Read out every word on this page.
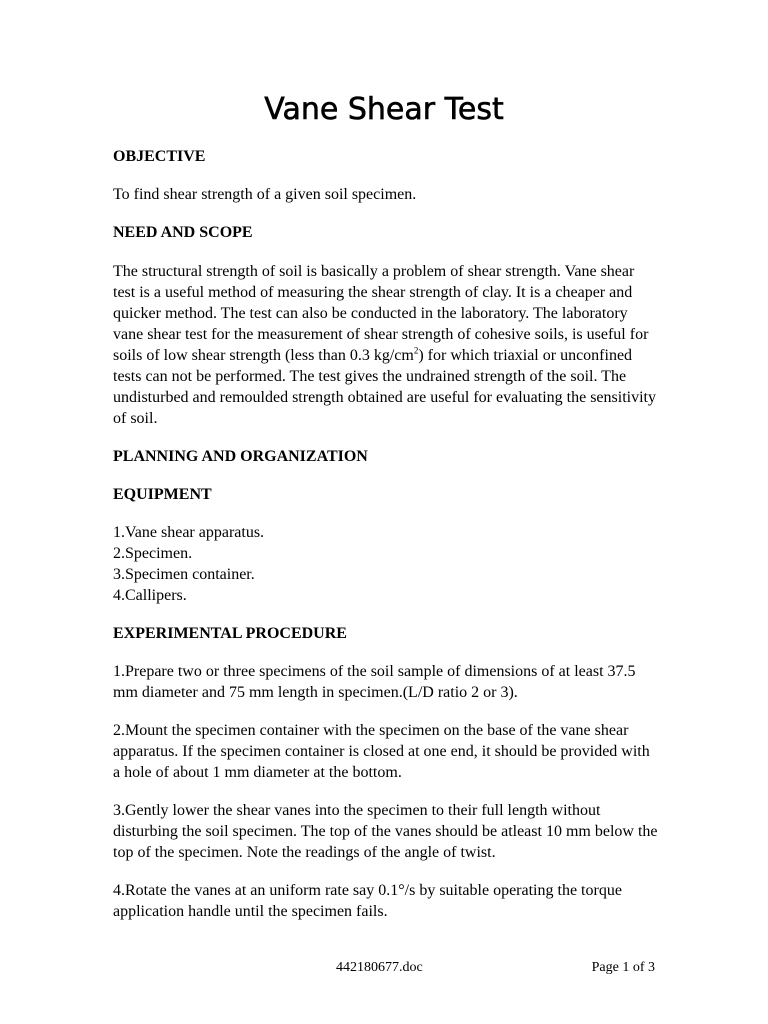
Vane Shear Test
OBJECTIVE

To find shear strength of a given soil specimen.

NEED AND SCOPE

The structural strength of soil is basically a problem of shear strength. Vane shear test is a useful method of measuring the shear strength of clay. It is a cheaper and quicker method. The test can also be conducted in the laboratory. The laboratory vane shear test for the measurement of shear strength of cohesive soils, is useful for soils of low shear strength (less than 0.3 $kg/cm^2$) for which triaxial or unconfined tests can not be performed. The test gives the undrained strength of the soil. The undisturbed and remoulded strength obtained are useful for evaluating the sensitivity of soil.

PLANNING AND ORGANIZATION
EQUIPMENT
1.Vane shear apparatus.
2.Specimen.
3.Specimen container.
4.Callipers.
EXPERIMENTAL PROCEDURE

1.Prepare two or three specimens of the soil sample of dimensions of at least 37.5 mm diameter and 75 mm length in specimen.(L/D ratio 2 or 3).

2.Mount the specimen container with the specimen on the base of the vane shear apparatus. If the specimen container is closed at one end, it should be provided with a hole of about 1 mm diameter at the bottom.

3.Gently lower the shear vanes into the specimen to their full length without disturbing the soil specimen. The top of the vanes should be atleast 10 mm below the top of the specimen. Note the readings of the angle of twist.

4.Rotate the vanes at an uniform rate say 0.1°/s by suitable operating the torque application handle until the specimen fails.

442180677.doc	Page 1 of 3
